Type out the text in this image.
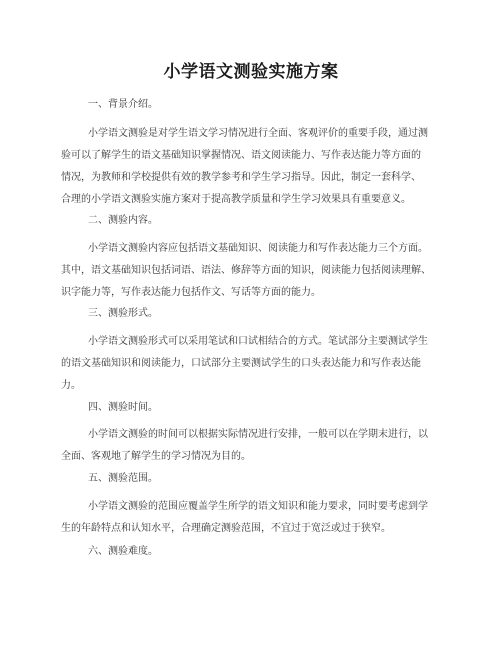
小学语文测验实施方案
一、背景介绍。
小学语文测验是对学生语文学习情况进行全面、客观评价的重要手段，通过测
验可以了解学生的语文基础知识掌握情况、语文阅读能力、写作表达能力等方面的
情况，为教师和学校提供有效的教学参考和学生学习指导。因此，制定一套科学、
合理的小学语文测验实施方案对于提高教学质量和学生学习效果具有重要意义。
二、测验内容。
小学语文测验内容应包括语文基础知识、阅读能力和写作表达能力三个方面。
其中，语文基础知识包括词语、语法、修辞等方面的知识，阅读能力包括阅读理解、
识字能力等，写作表达能力包括作文、写话等方面的能力。
三、测验形式。
小学语文测验形式可以采用笔试和口试相结合的方式。笔试部分主要测试学生
的语文基础知识和阅读能力，口试部分主要测试学生的口头表达能力和写作表达能
力。
四、测验时间。
小学语文测验的时间可以根据实际情况进行安排，一般可以在学期末进行，以
全面、客观地了解学生的学习情况为目的。
五、测验范围。
小学语文测验的范围应覆盖学生所学的语文知识和能力要求，同时要考虑到学
生的年龄特点和认知水平，合理确定测验范围，不宜过于宽泛或过于狭窄。
六、测验难度。
